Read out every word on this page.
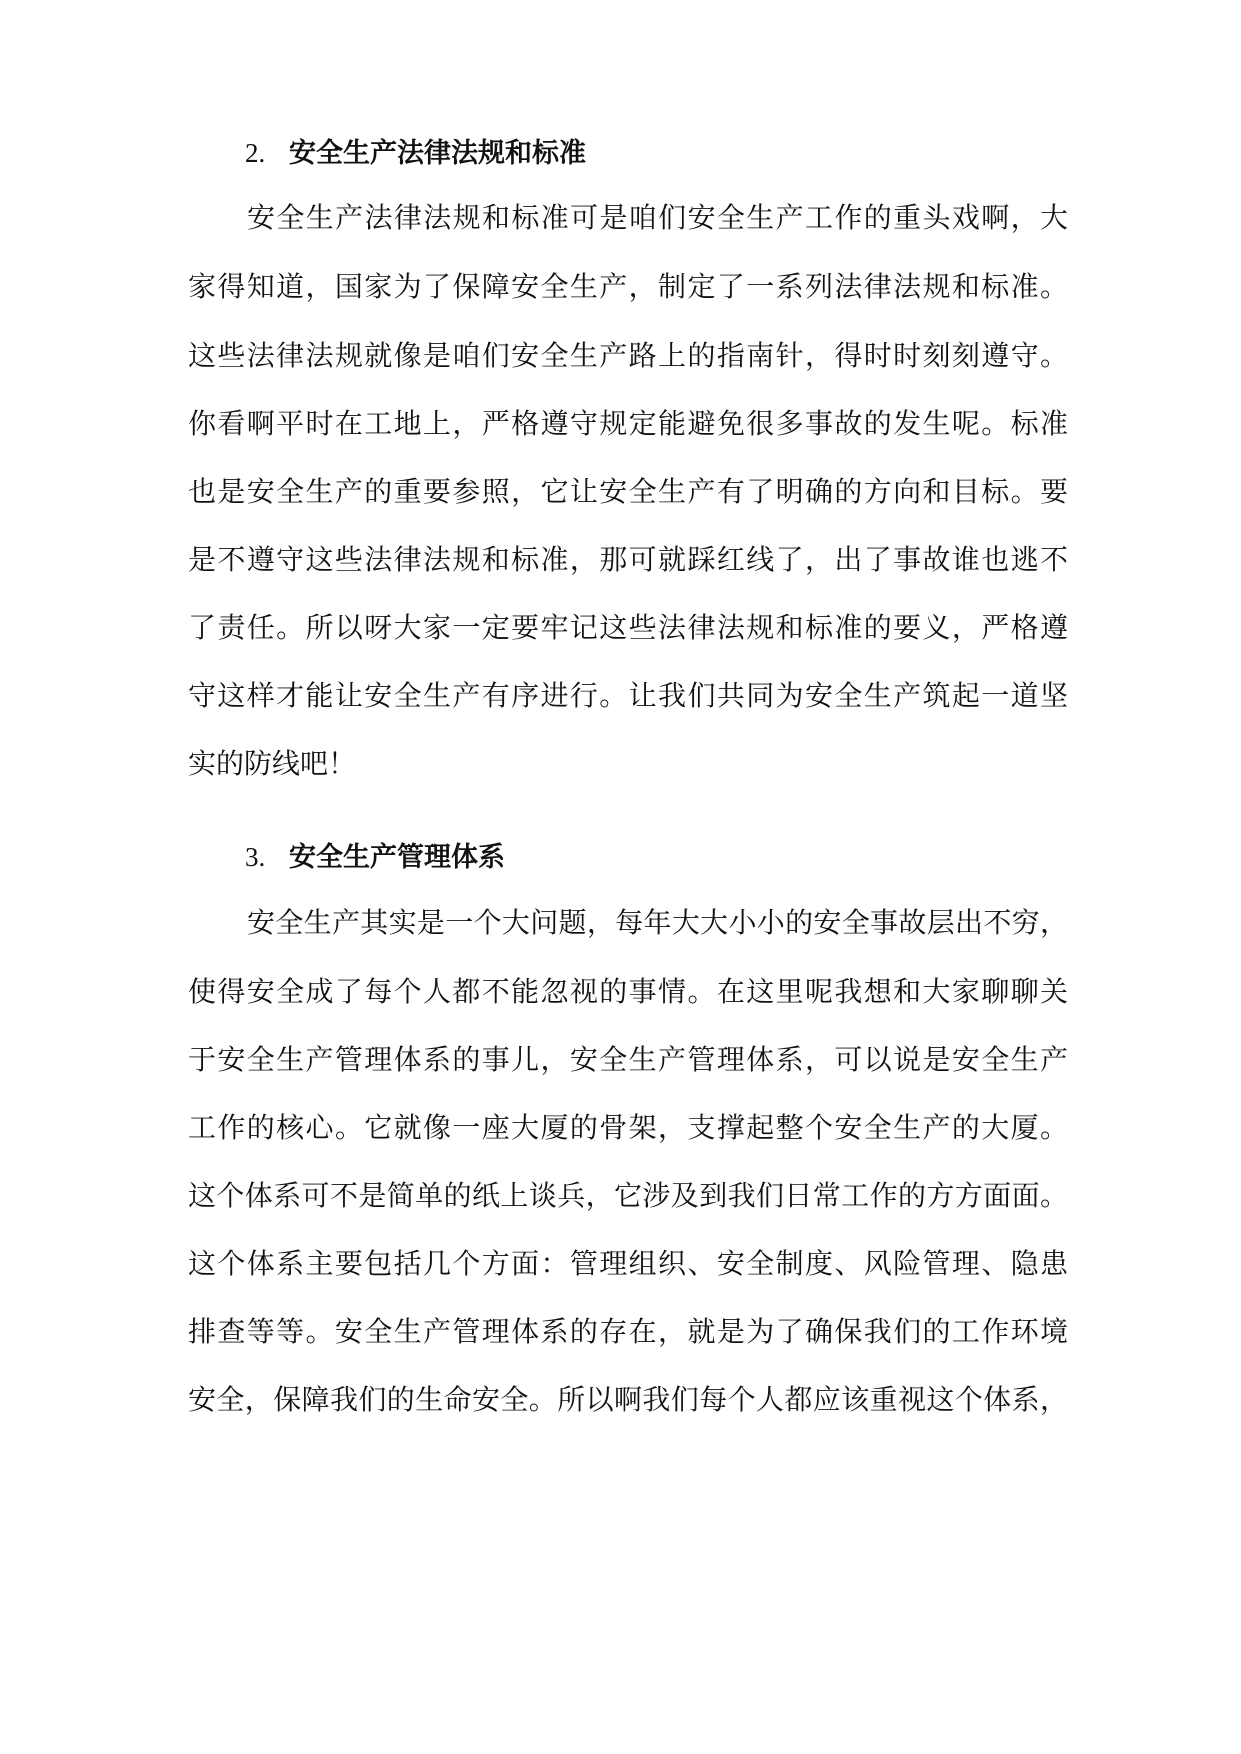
2. 安全生产法律法规和标准
安全生产法律法规和标准可是咱们安全生产工作的重头戏啊，大
家得知道，国家为了保障安全生产，制定了一系列法律法规和标准。
这些法律法规就像是咱们安全生产路上的指南针，得时时刻刻遵守。
你看啊平时在工地上，严格遵守规定能避免很多事故的发生呢。标准
也是安全生产的重要参照，它让安全生产有了明确的方向和目标。要
是不遵守这些法律法规和标准，那可就踩红线了，出了事故谁也逃不
了责任。所以呀大家一定要牢记这些法律法规和标准的要义，严格遵
守这样才能让安全生产有序进行。让我们共同为安全生产筑起一道坚
实的防线吧！
3. 安全生产管理体系
安全生产其实是一个大问题，每年大大小小的安全事故层出不穷，
使得安全成了每个人都不能忽视的事情。在这里呢我想和大家聊聊关
于安全生产管理体系的事儿，安全生产管理体系，可以说是安全生产
工作的核心。它就像一座大厦的骨架，支撑起整个安全生产的大厦。
这个体系可不是简单的纸上谈兵，它涉及到我们日常工作的方方面面。
这个体系主要包括几个方面：管理组织、安全制度、风险管理、隐患
排查等等。安全生产管理体系的存在，就是为了确保我们的工作环境
安全，保障我们的生命安全。所以啊我们每个人都应该重视这个体系，
